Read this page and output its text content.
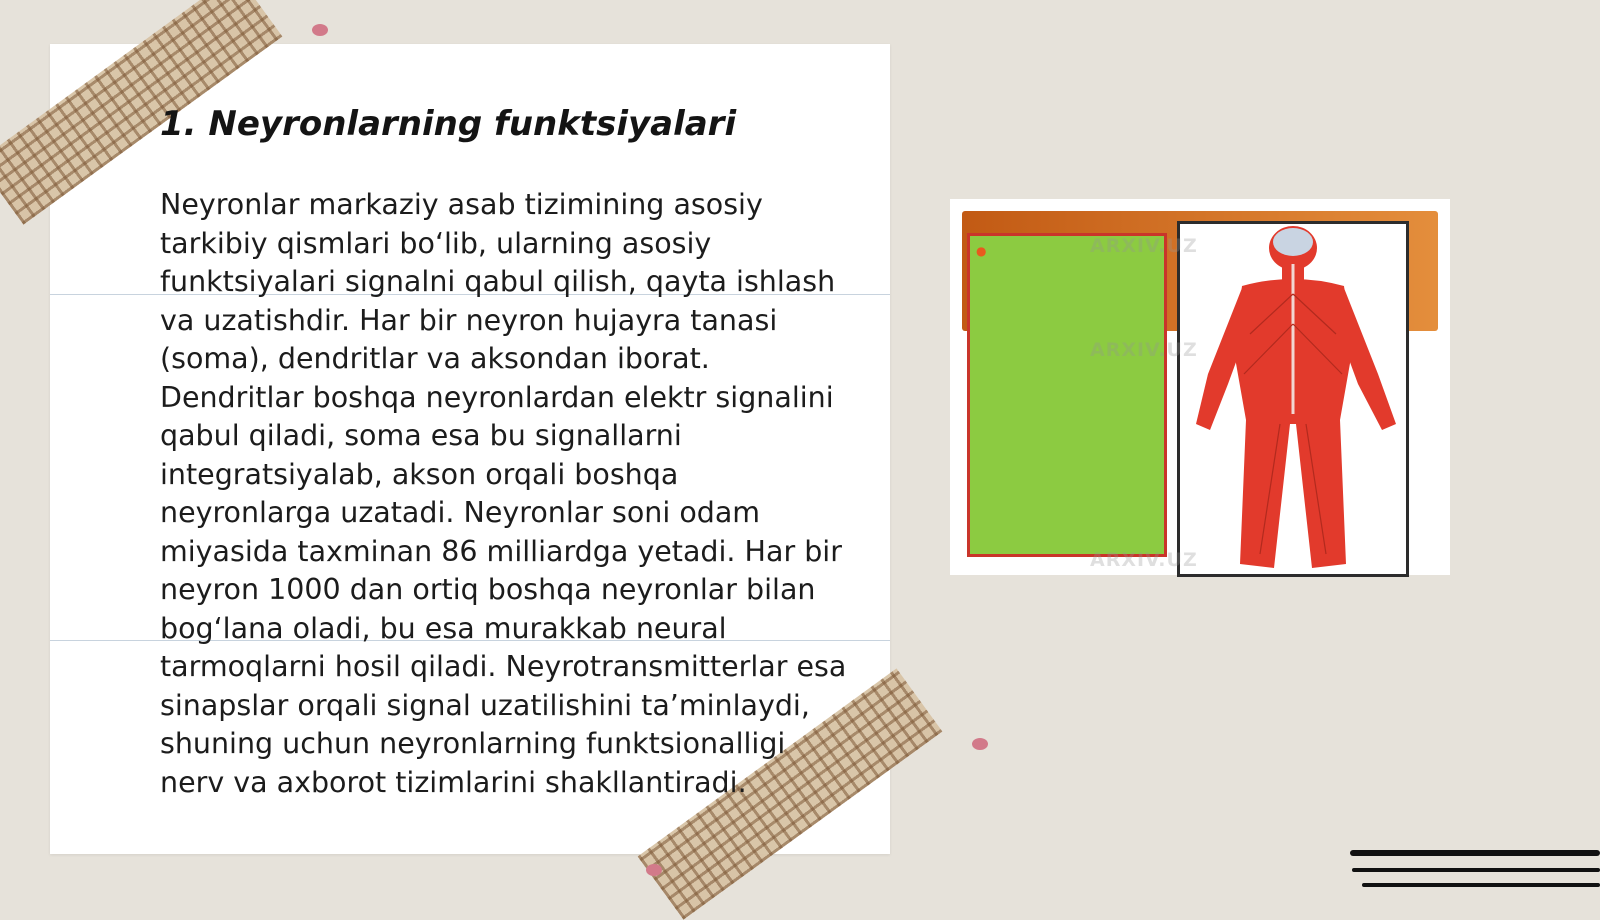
1. Neyronlarning funktsiyalari

Neyronlar markaziy asab tizimining asosiy tarkibiy qismlari bo‘lib, ularning asosiy funktsiyalari signalni qabul qilish, qayta ishlash va uzatishdir. Har bir neyron hujayra tanasi (soma), dendritlar va aksondan iborat. Dendritlar boshqa neyronlardan elektr signalini qabul qiladi, soma esa bu signallarni integratsiyalab, akson orqali boshqa neyronlarga uzatadi. Neyronlar soni odam miyasida taxminan 86 milliardga yetadi. Har bir neyron 1000 dan ortiq boshqa neyronlar bilan bog‘lana oladi, bu esa murakkab neural tarmoqlarni hosil qiladi. Neyrotransmitterlar esa sinapslar orqali signal uzatilishini ta’minlaydi, shuning uchun neyronlarning funktsionalligi nerv va axborot tizimlarini shakllantiradi.

●	ARXIV.UZ
ARXIV.UZ
ARXIV.UZ
